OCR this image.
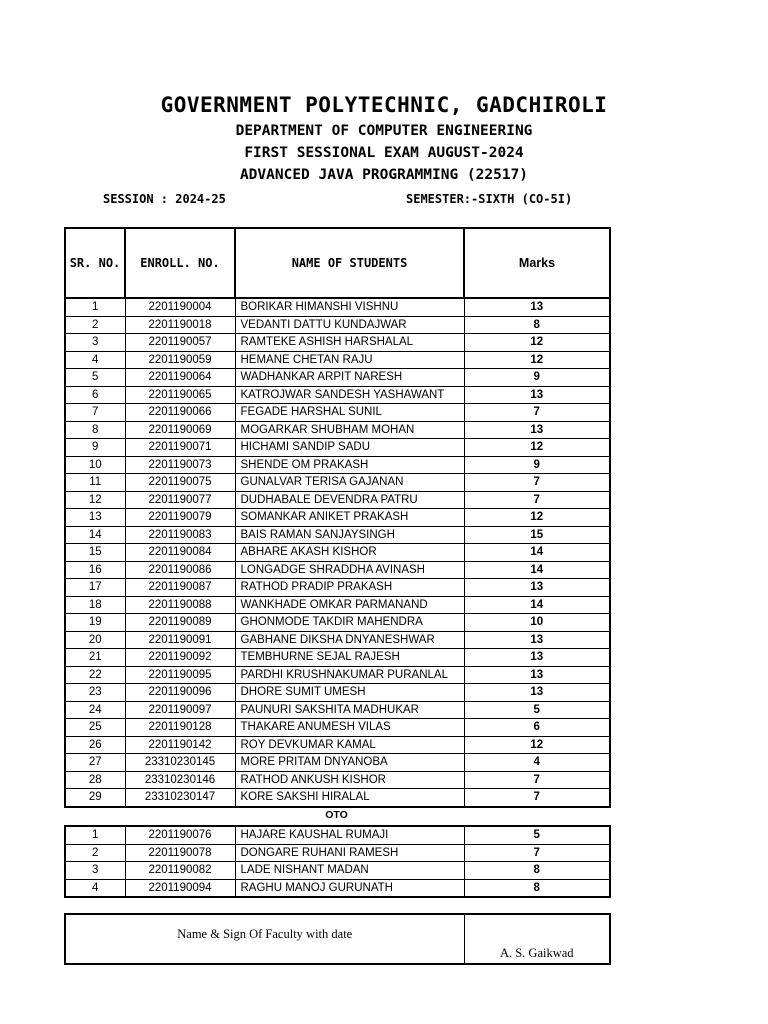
GOVERNMENT POLYTECHNIC, GADCHIROLI
DEPARTMENT OF COMPUTER ENGINEERING
FIRST SESSIONAL EXAM AUGUST-2024
ADVANCED JAVA PROGRAMMING (22517)
SESSION : 2024-25	SEMESTER:-SIXTH (CO-5I)
SR. NO.	ENROLL. NO.	NAME OF STUDENTS	Marks
1	2201190004	BORIKAR HIMANSHI VISHNU	13
2	2201190018	VEDANTI DATTU KUNDAJWAR	8
3	2201190057	RAMTEKE ASHISH HARSHALAL	12
4	2201190059	HEMANE CHETAN RAJU	12
5	2201190064	WADHANKAR ARPIT NARESH	9
6	2201190065	KATROJWAR SANDESH YASHAWANT	13
7	2201190066	FEGADE HARSHAL SUNIL	7
8	2201190069	MOGARKAR SHUBHAM MOHAN	13
9	2201190071	HICHAMI SANDIP SADU	12
10	2201190073	SHENDE OM PRAKASH	9
11	2201190075	GUNALVAR TERISA GAJANAN	7
12	2201190077	DUDHABALE DEVENDRA PATRU	7
13	2201190079	SOMANKAR ANIKET PRAKASH	12
14	2201190083	BAIS RAMAN SANJAYSINGH	15
15	2201190084	ABHARE AKASH KISHOR	14
16	2201190086	LONGADGE SHRADDHA AVINASH	14
17	2201190087	RATHOD PRADIP PRAKASH	13
18	2201190088	WANKHADE OMKAR PARMANAND	14
19	2201190089	GHONMODE TAKDIR MAHENDRA	10
20	2201190091	GABHANE DIKSHA DNYANESHWAR	13
21	2201190092	TEMBHURNE SEJAL RAJESH	13
22	2201190095	PARDHI KRUSHNAKUMAR PURANLAL	13
23	2201190096	DHORE SUMIT UMESH	13
24	2201190097	PAUNURI SAKSHITA MADHUKAR	5
25	2201190128	THAKARE ANUMESH VILAS	6
26	2201190142	ROY DEVKUMAR KAMAL	12
27	23310230145	MORE PRITAM DNYANOBA	4
28	23310230146	RATHOD ANKUSH KISHOR	7
29	23310230147	KORE SAKSHI HIRALAL	7
OTO
1	2201190076	HAJARE KAUSHAL RUMAJI	5
2	2201190078	DONGARE RUHANI RAMESH	7
3	2201190082	LADE NISHANT MADAN	8
4	2201190094	RAGHU MANOJ GURUNATH	8
Name & Sign Of Faculty with date	A. S. Gaikwad
